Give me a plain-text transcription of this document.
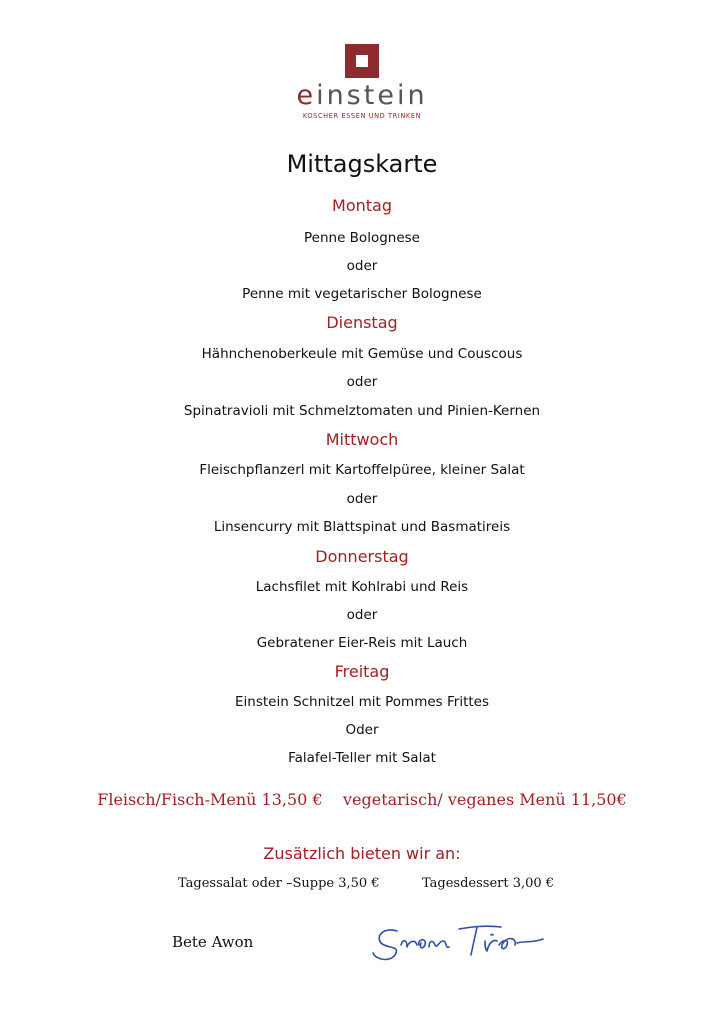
einstein
KOSCHER ESSEN UND TRINKEN
Mittagskarte
Montag
Penne Bolognese
oder
Penne mit vegetarischer Bolognese
Dienstag
Hähnchenoberkeule mit Gemüse und Couscous
oder
Spinatravioli mit Schmelztomaten und Pinien-Kernen
Mittwoch
Fleischpflanzerl mit Kartoffelpüree, kleiner Salat
oder
Linsencurry mit Blattspinat und Basmatireis
Donnerstag
Lachsfilet mit Kohlrabi und Reis
oder
Gebratener Eier-Reis mit Lauch
Freitag
Einstein Schnitzel mit Pommes Frittes
Oder
Falafel-Teller mit Salat
Fleisch/Fisch-Menü 13,50 €    vegetarisch/ veganes Menü 11,50€
Zusätzlich bieten wir an:
Tagessalat oder –Suppe 3,50 €	Tagesdessert 3,00 €
Bete Awon
